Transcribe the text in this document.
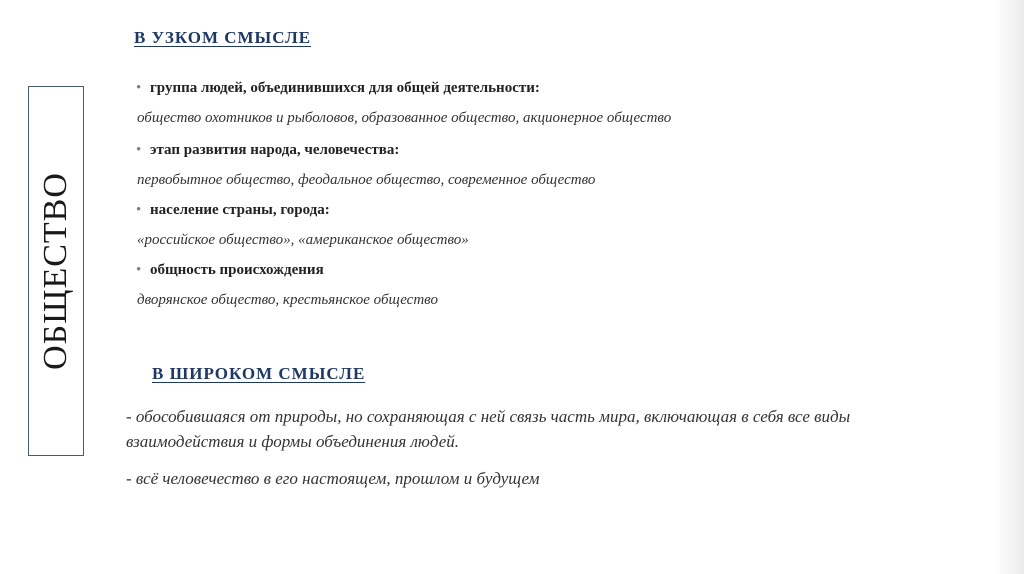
ОБЩЕСТВО
В УЗКОМ СМЫСЛЕ
• группа людей, объединившихся для общей деятельности:
общество охотников и рыболовов, образованное общество, акционерное общество
• этап развития народа, человечества:
первобытное общество, феодальное общество, современное общество
• население страны, города:
«российское общество», «американское общество»
• общность происхождения
дворянское общество, крестьянское общество
В ШИРОКОМ СМЫСЛЕ
- обособившаяся от природы, но сохраняющая с ней связь часть мира, включающая в себя все виды взаимодействия и формы объединения людей.
- всё человечество в его настоящем, прошлом и будущем
